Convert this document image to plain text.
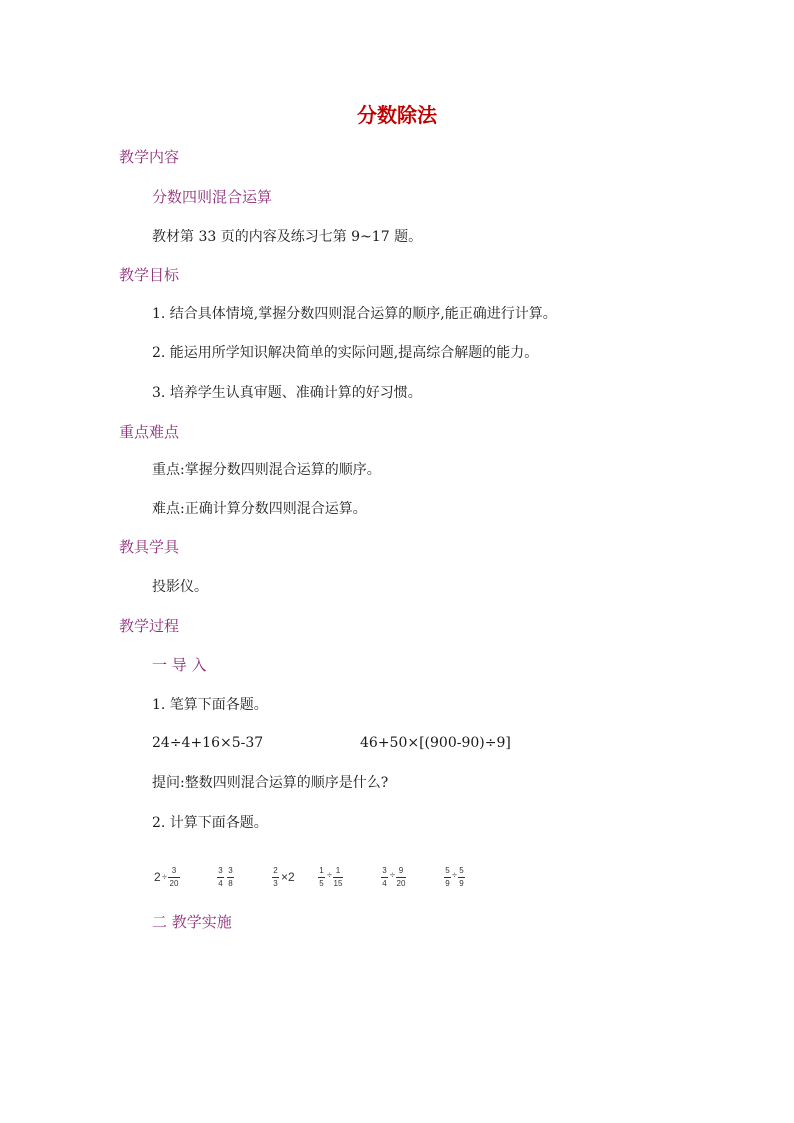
分数除法
教学内容
分数四则混合运算
教材第 33 页的内容及练习七第 9~17 题。
教学目标
1. 结合具体情境,掌握分数四则混合运算的顺序,能正确进行计算。
2. 能运用所学知识解决简单的实际问题,提高综合解题的能力。
3. 培养学生认真审题、准确计算的好习惯。
重点难点
重点:掌握分数四则混合运算的顺序。
难点:正确计算分数四则混合运算。
教具学具
投影仪。
教学过程
一 导 入
1. 笔算下面各题。
24÷4+16×5-37	46+50×[(900-90)÷9]
提问:整数四则混合运算的顺序是什么?
2. 计算下面各题。
2 ÷
3
20
3
4
3
8
2
3 ×2	1
5
÷ 1
15
3
4
÷ 9
20
5
9
÷ 5
9
二 教学实施
